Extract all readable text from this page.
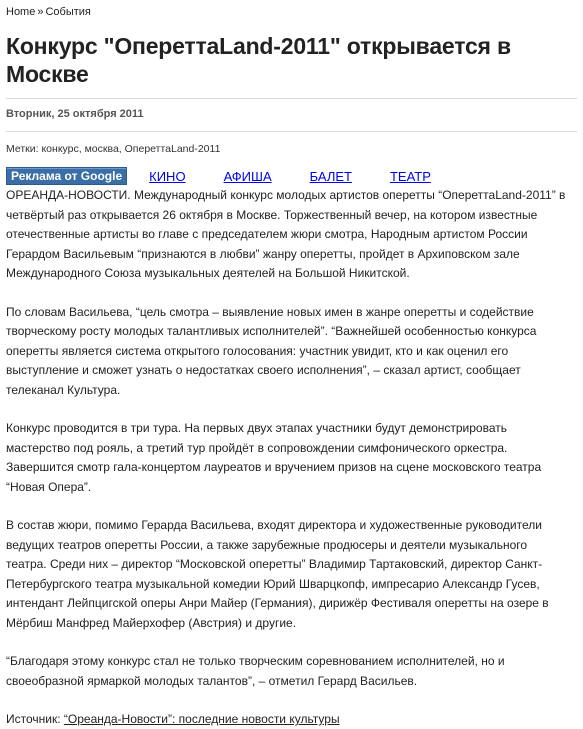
Home » События
Конкурс "ОпереттаLand-2011" открывается в Москве
Вторник, 25 октября 2011
Метки: конкурс, москва, ОпереттаLand-2011
Реклама от Google	КИНО	АФИША	БАЛЕТ	ТЕАТР

ОРЕАНДА-НОВОСТИ. Международный конкурс молодых артистов оперетты “ОпереттаLand-2011” в четвёртый раз открывается 26 октября в Москве. Торжественный вечер, на котором известные отечественные артисты во главе с председателем жюри смотра, Народным артистом России Герардом Васильевым “признаются в любви” жанру оперетты, пройдет в Архиповском зале Международного Союза музыкальных деятелей на Большой Никитской.

По словам Васильева, “цель смотра – выявление новых имен в жанре оперетты и содействие творческому росту молодых талантливых исполнителей”. “Важнейшей особенностью конкурса оперетты является система открытого голосования: участник увидит, кто и как оценил его выступление и сможет узнать о недостатках своего исполнения”, – сказал артист, сообщает телеканал Культура.

Конкурс проводится в три тура. На первых двух этапах участники будут демонстрировать мастерство под рояль, а третий тур пройдёт в сопровождении симфонического оркестра. Завершится смотр гала-концертом лауреатов и вручением призов на сцене московского театра “Новая Опера”.

В состав жюри, помимо Герарда Васильева, входят директора и художественные руководители ведущих театров оперетты России, а также зарубежные продюсеры и деятели музыкального театра. Среди них – директор “Московской оперетты” Владимир Тартаковский, директор Санкт-Петербургского театра музыкальной комедии Юрий Шварцкопф, импресарио Александр Гусев, интендант Лейпцигской оперы Анри Майер (Германия), дирижёр Фестиваля оперетты на озере в Мёрбиш Манфред Майерхофер (Австрия) и другие.

“Благодаря этому конкурс стал не только творческим соревнованием исполнителей, но и своеобразной ярмаркой молодых талантов”, – отметил Герард Васильев.

Источник: “Ореанда-Новости”: последние новости культуры
